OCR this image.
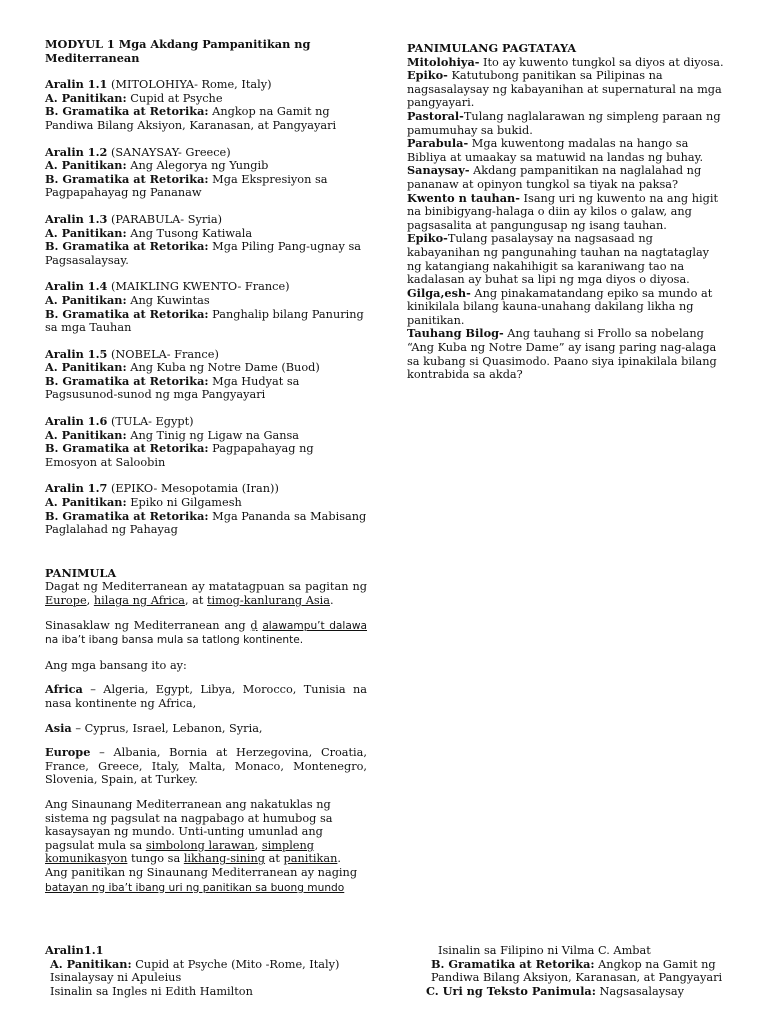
MODYUL 1 Mga Akdang Pampanitikan ng Mediterranean

Aralin 1.1 (MITOLOHIYA- Rome, Italy)

A. Panitikan: Cupid at Psyche

B. Gramatika at Retorika: Angkop na Gamit ng Pandiwa Bilang Aksiyon, Karanasan, at Pangyayari

Aralin 1.2 (SANAYSAY- Greece)

A. Panitikan: Ang Alegorya ng Yungib

B. Gramatika at Retorika: Mga Ekspresiyon sa Pagpapahayag ng Pananaw

Aralin 1.3 (PARABULA- Syria)

A. Panitikan: Ang Tusong Katiwala

B. Gramatika at Retorika: Mga Piling Pang-ugnay sa Pagsasalaysay.

Aralin 1.4 (MAIKLING KWENTO- France)

A. Panitikan: Ang Kuwintas

B. Gramatika at Retorika: Panghalip bilang Panuring sa mga Tauhan

Aralin 1.5 (NOBELA- France)

A. Panitikan: Ang Kuba ng Notre Dame (Buod)

B. Gramatika at Retorika: Mga Hudyat sa Pagsusunod-sunod ng mga Pangyayari

Aralin 1.6 (TULA- Egypt)

A. Panitikan: Ang Tinig ng Ligaw na Gansa

B. Gramatika at Retorika: Pagpapahayag ng Emosyon at Saloobin

Aralin 1.7 (EPIKO- Mesopotamia (Iran))

A. Panitikan: Epiko ni Gilgamesh

B. Gramatika at Retorika: Mga Pananda sa Mabisang Paglalahad ng Pahayag

PANIMULA

Dagat ng Mediterranean ay matatagpuan sa pagitan ng Europe, hilaga ng Africa, at timog-kanlurang Asia.

Sinasaklaw ng Mediterranean ang ḏ alawampu’t dalawa na iba’t ibang bansa mula sa tatlong kontinente.

Ang mga bansang ito ay:

Africa – Algeria, Egypt, Libya, Morocco, Tunisia na nasa kontinente ng Africa,

Asia – Cyprus, Israel, Lebanon, Syria,

Europe – Albania, Bornia at Herzegovina, Croatia, France, Greece, Italy, Malta, Monaco, Montenegro, Slovenia, Spain, at Turkey.

Ang Sinaunang Mediterranean ang nakatuklas ng sistema ng pagsulat na nagpabago at humubog sa kasaysayan ng mundo. Unti-unting umunlad ang pagsulat mula sa simbolong larawan, simpleng komunikasyon tungo sa likhang-sining at panitikan. Ang panitikan ng Sinaunang Mediterranean ay naging batayan ng iba’t ibang uri ng panitikan sa buong mundo

PANIMULANG PAGTATAYA

Mitolohiya- Ito ay kuwento tungkol sa diyos at diyosa.

Epiko- Katutubong panitikan sa Pilipinas na nagsasalaysay ng kabayanihan at supernatural na mga pangyayari.

Pastoral-Tulang naglalarawan ng simpleng paraan ng pamumuhay sa bukid.

Parabula- Mga kuwentong madalas na hango sa Bibliya at umaakay sa matuwid na landas ng buhay.

Sanaysay- Akdang pampanitikan na naglalahad ng pananaw at opinyon tungkol sa tiyak na paksa?

Kwento n tauhan- Isang uri ng kuwento na ang higit na binibigyang-halaga o diin ay kilos o galaw, ang pagsasalita at pangungusap ng isang tauhan.

Epiko-Tulang pasalaysay na nagsasaad ng kabayanihan ng pangunahing tauhan na nagtataglay ng katangiang nakahihigit sa karaniwang tao na kadalasan ay buhat sa lipi ng mga diyos o diyosa.

Gilga,esh- Ang pinakamatandang epiko sa mundo at kinikilala bilang kauna-unahang dakilang likha ng panitikan.

Tauhang Bilog- Ang tauhang si Frollo sa nobelang “Ang Kuba ng Notre Dame” ay isang paring nag-alaga sa kubang si Quasimodo. Paano siya ipinakilala bilang kontrabida sa akda?

Aralin1.1

A. Panitikan: Cupid at Psyche (Mito -Rome, Italy)

Isinalaysay ni Apuleius

Isinalin sa Ingles ni Edith Hamilton

Isinalin sa Filipino ni Vilma C. Ambat

B. Gramatika at Retorika: Angkop na Gamit ng Pandiwa Bilang Aksiyon, Karanasan, at Pangyayari

C. Uri ng Teksto Panimula: Nagsasalaysay
